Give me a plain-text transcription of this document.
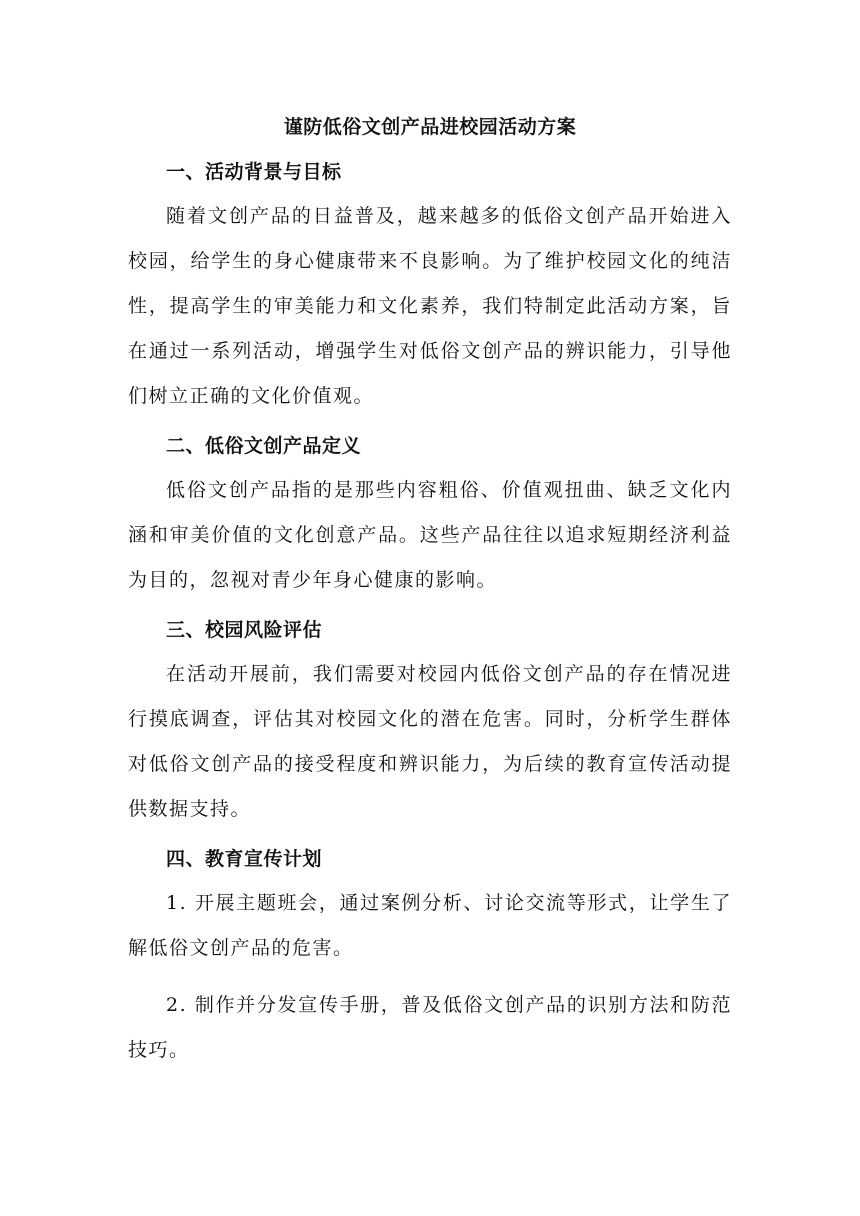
谨防低俗文创产品进校园活动方案
一、活动背景与目标

随着文创产品的日益普及，越来越多的低俗文创产品开始进入校园，给学生的身心健康带来不良影响。为了维护校园文化的纯洁性，提高学生的审美能力和文化素养，我们特制定此活动方案，旨在通过一系列活动，增强学生对低俗文创产品的辨识能力，引导他们树立正确的文化价值观。

二、低俗文创产品定义

低俗文创产品指的是那些内容粗俗、价值观扭曲、缺乏文化内涵和审美价值的文化创意产品。这些产品往往以追求短期经济利益为目的，忽视对青少年身心健康的影响。

三、校园风险评估

在活动开展前，我们需要对校园内低俗文创产品的存在情况进行摸底调查，评估其对校园文化的潜在危害。同时，分析学生群体对低俗文创产品的接受程度和辨识能力，为后续的教育宣传活动提供数据支持。

四、教育宣传计划

1. 开展主题班会，通过案例分析、讨论交流等形式，让学生了解低俗文创产品的危害。

2. 制作并分发宣传手册，普及低俗文创产品的识别方法和防范技巧。
